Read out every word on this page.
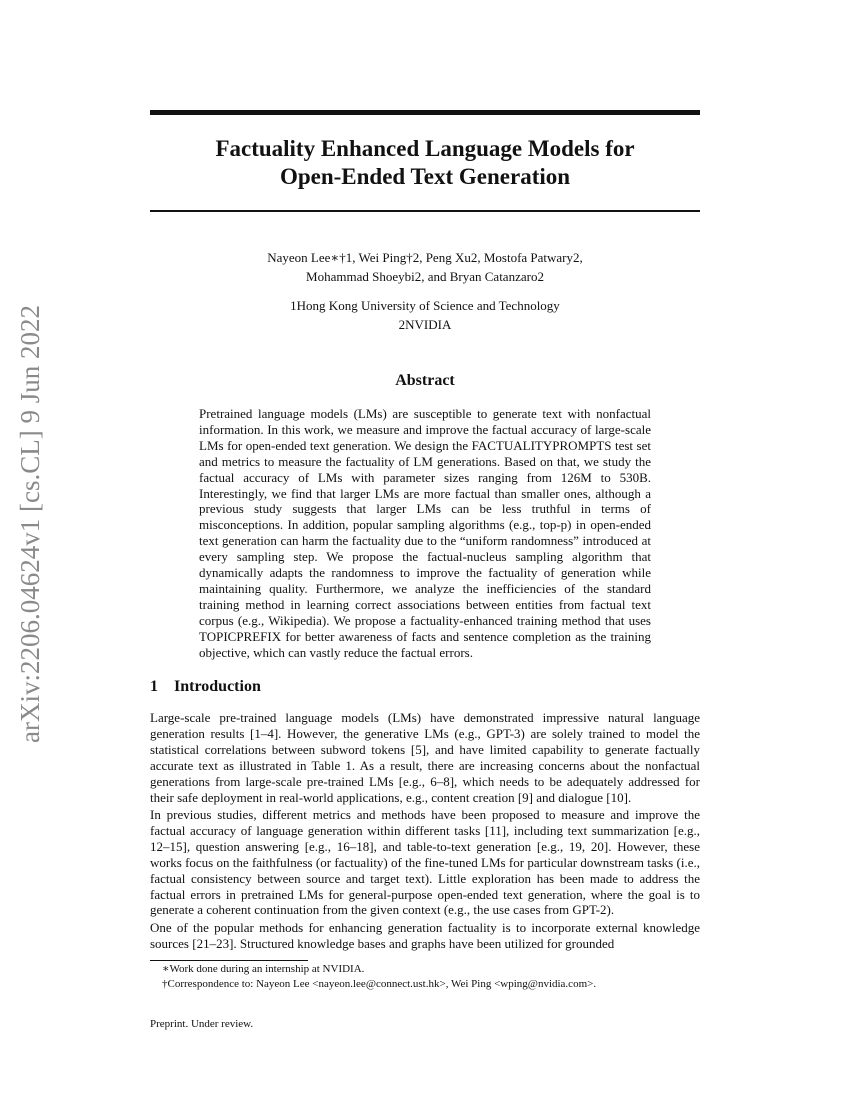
arXiv:2206.04624v1 [cs.CL] 9 Jun 2022
Factuality Enhanced Language Models for
Open-Ended Text Generation
Nayeon Lee∗†1, Wei Ping†2, Peng Xu2, Mostofa Patwary2,
Mohammad Shoeybi2, and Bryan Catanzaro2
1Hong Kong University of Science and Technology
2NVIDIA
Abstract
Pretrained language models (LMs) are susceptible to generate text with nonfactual information. In this work, we measure and improve the factual accuracy of large-scale LMs for open-ended text generation. We design the FACTUALITYPROMPTS test set and metrics to measure the factuality of LM generations. Based on that, we study the factual accuracy of LMs with parameter sizes ranging from 126M to 530B. Interestingly, we find that larger LMs are more factual than smaller ones, although a previous study suggests that larger LMs can be less truthful in terms of misconceptions. In addition, popular sampling algorithms (e.g., top-p) in open-ended text generation can harm the factuality due to the “uniform randomness” introduced at every sampling step. We propose the factual-nucleus sampling algorithm that dynamically adapts the randomness to improve the factuality of generation while maintaining quality. Furthermore, we analyze the inefficiencies of the standard training method in learning correct associations between entities from factual text corpus (e.g., Wikipedia). We propose a factuality-enhanced training method that uses TOPICPREFIX for better awareness of facts and sentence completion as the training objective, which can vastly reduce the factual errors.
1 Introduction
Large-scale pre-trained language models (LMs) have demonstrated impressive natural language generation results [1–4]. However, the generative LMs (e.g., GPT-3) are solely trained to model the statistical correlations between subword tokens [5], and have limited capability to generate factually accurate text as illustrated in Table 1. As a result, there are increasing concerns about the nonfactual generations from large-scale pre-trained LMs [e.g., 6–8], which needs to be adequately addressed for their safe deployment in real-world applications, e.g., content creation [9] and dialogue [10].
In previous studies, different metrics and methods have been proposed to measure and improve the factual accuracy of language generation within different tasks [11], including text summarization [e.g., 12–15], question answering [e.g., 16–18], and table-to-text generation [e.g., 19, 20]. However, these works focus on the faithfulness (or factuality) of the fine-tuned LMs for particular downstream tasks (i.e., factual consistency between source and target text). Little exploration has been made to address the factual errors in pretrained LMs for general-purpose open-ended text generation, where the goal is to generate a coherent continuation from the given context (e.g., the use cases from GPT-2).
One of the popular methods for enhancing generation factuality is to incorporate external knowledge sources [21–23]. Structured knowledge bases and graphs have been utilized for grounded
∗Work done during an internship at NVIDIA.
†Correspondence to: Nayeon Lee <nayeon.lee@connect.ust.hk>, Wei Ping <wping@nvidia.com>.
Preprint. Under review.
